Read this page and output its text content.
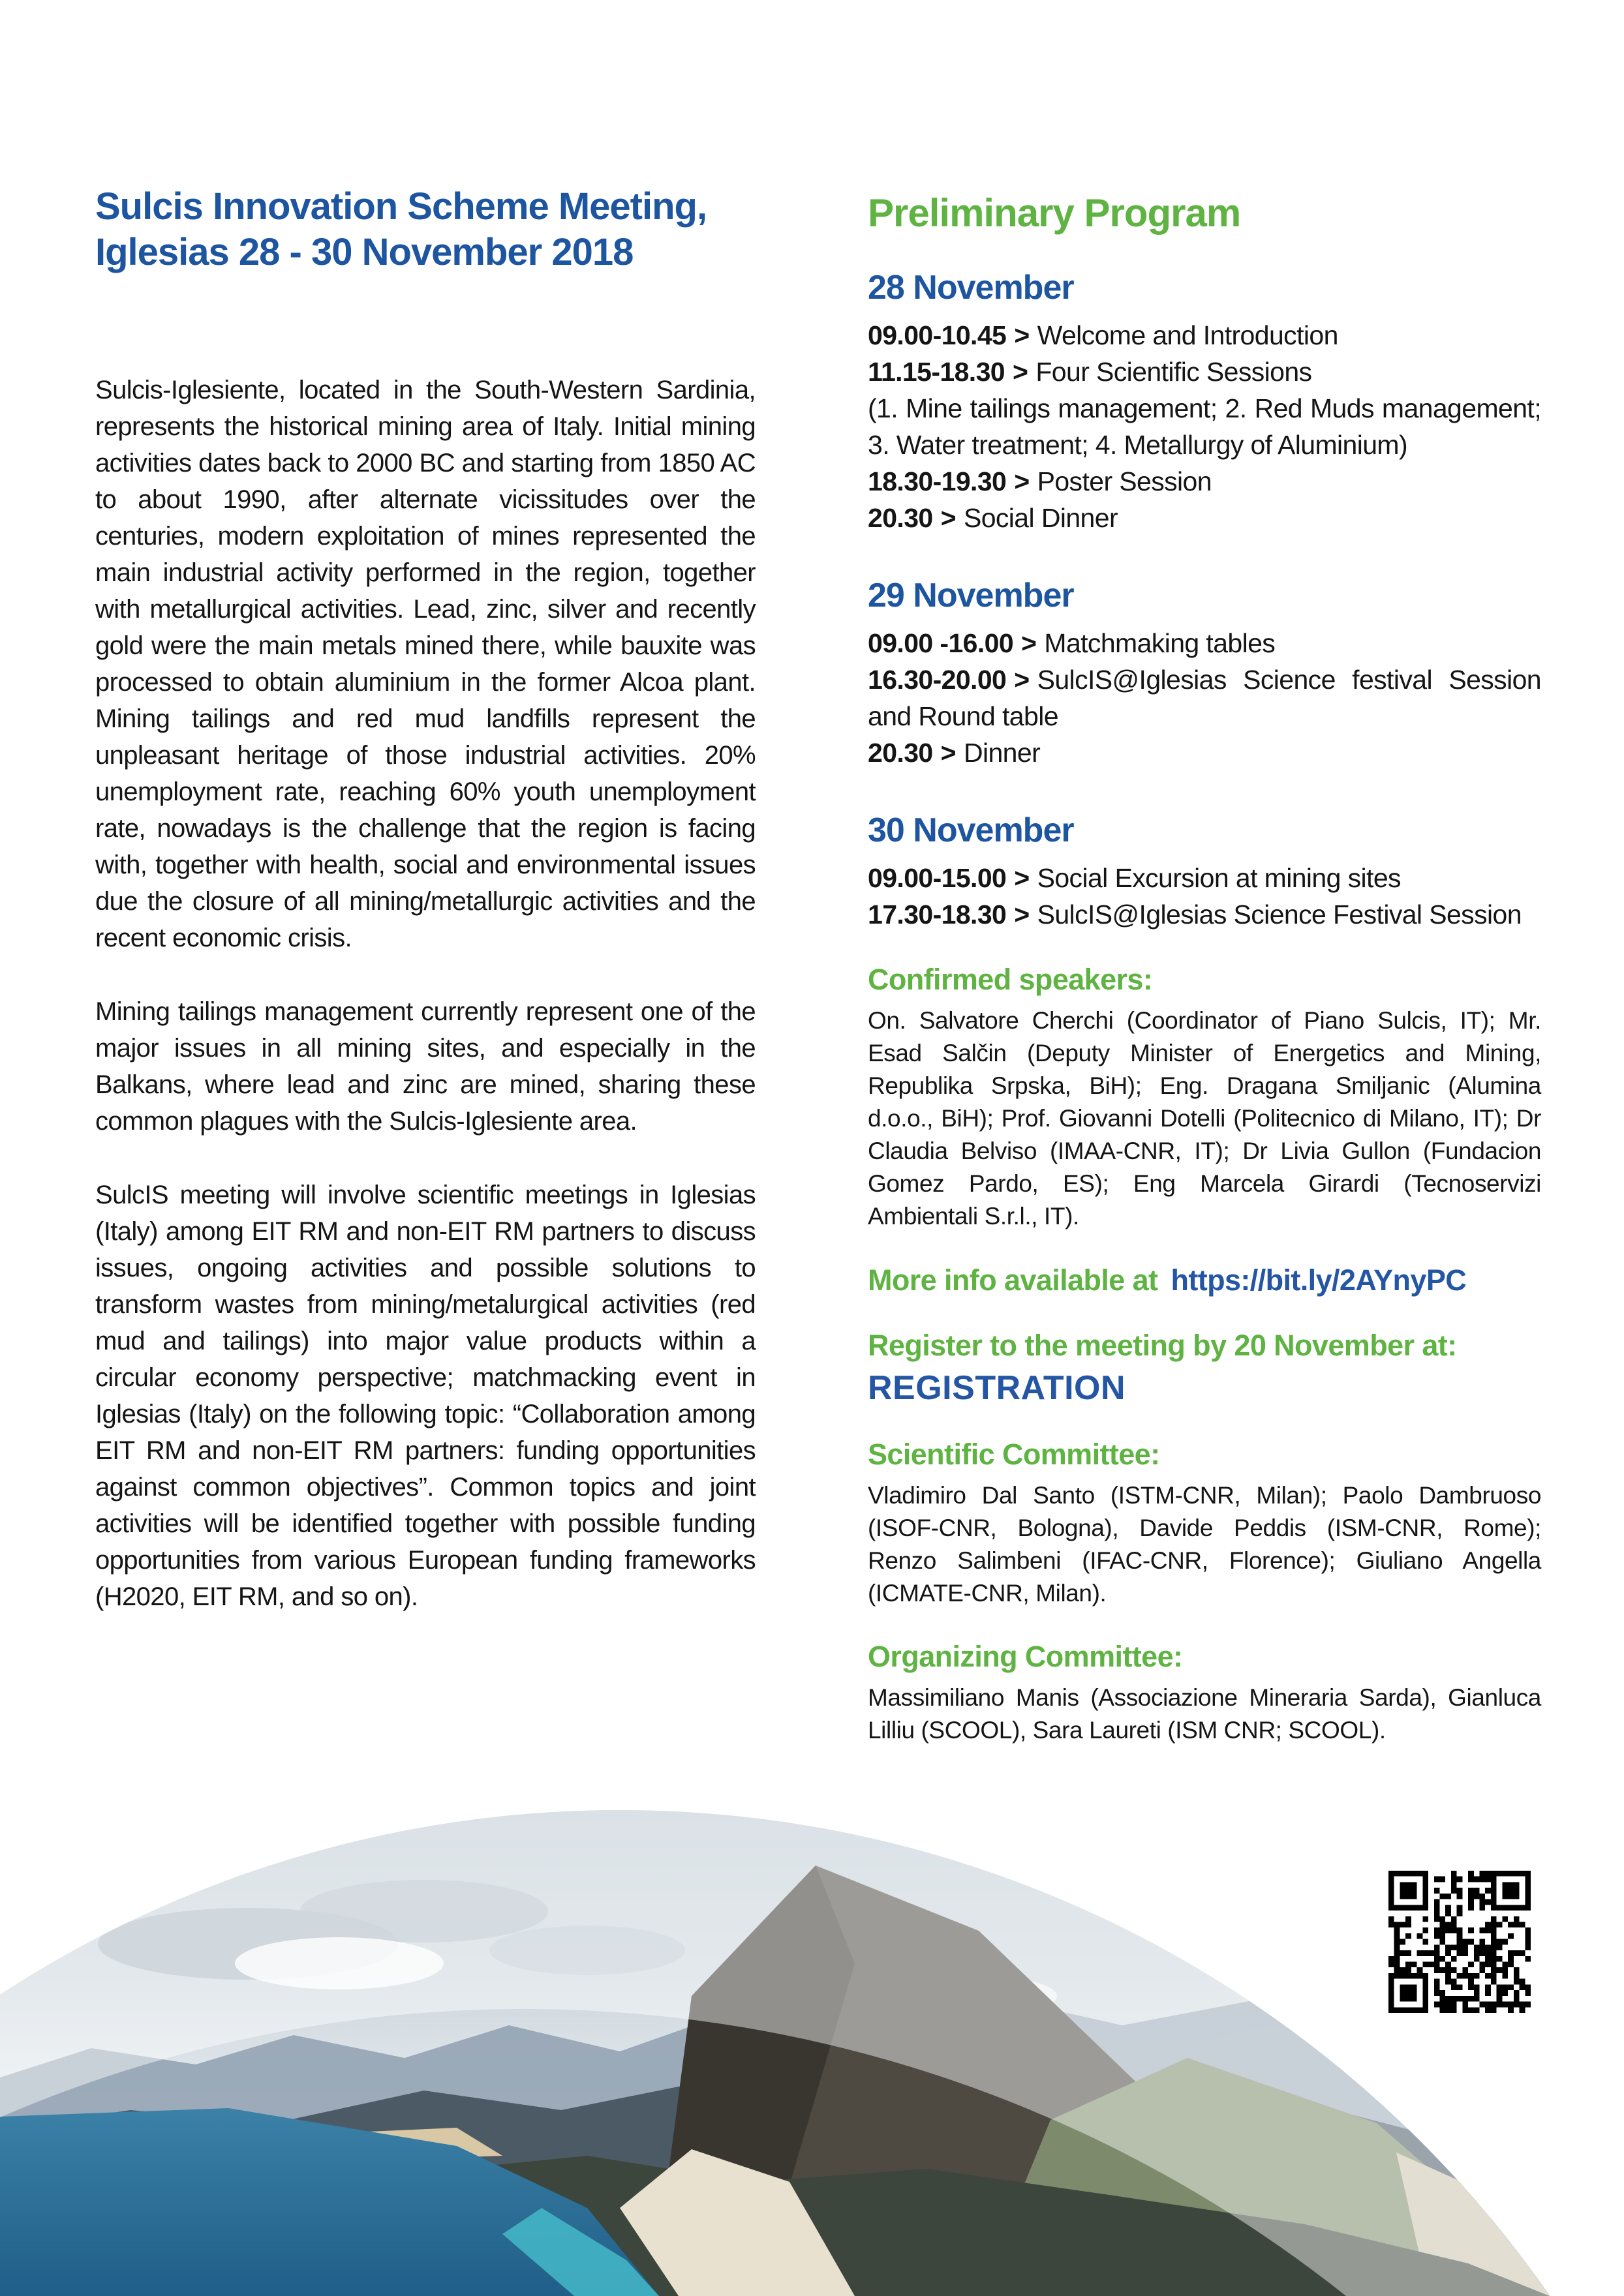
Sulcis Innovation Scheme Meeting, Iglesias 28 - 30 November 2018

Sulcis-Iglesiente, located in the South-Western Sardinia, represents the historical mining area of Italy. Initial mining activities dates back to 2000 BC and starting from 1850 AC to about 1990, after alternate vicissitudes over the centuries, modern exploitation of mines represented the main industrial activity performed in the region, together with metallurgical activities. Lead, zinc, silver and recently gold were the main metals mined there, while bauxite was processed to obtain aluminium in the former Alcoa plant. Mining tailings and red mud landfills represent the unpleasant heritage of those industrial activities. 20% unemployment rate, reaching 60% youth unemployment rate, nowadays is the challenge that the region is facing with, together with health, social and environmental issues due the closure of all mining/metallurgic activities and the recent economic crisis.

Mining tailings management currently represent one of the major issues in all mining sites, and especially in the Balkans, where lead and zinc are mined, sharing these common plagues with the Sulcis-Iglesiente area.

SulcIS meeting will involve scientific meetings in Iglesias (Italy) among EIT RM and non-EIT RM partners to discuss issues, ongoing activities and possible solutions to transform wastes from mining/metalurgical activities (red mud and tailings) into major value products within a circular economy perspective; matchmacking event in Iglesias (Italy) on the following topic: “Collaboration among EIT RM and non-EIT RM partners: funding opportunities against common objectives”. Common topics and joint activities will be identified together with possible funding opportunities from various European funding frameworks (H2020, EIT RM, and so on).

Preliminary Program
28 November
09.00-10.45 > Welcome and Introduction
11.15-18.30 > Four Scientific Sessions
(1. Mine tailings management; 2. Red Muds management; 3. Water treatment; 4. Metallurgy of Aluminium)
18.30-19.30 > Poster Session
20.30 > Social Dinner
29 November
09.00 -16.00 > Matchmaking tables
16.30-20.00 > SulcIS@Iglesias Science festival Session and Round table
20.30 > Dinner
30 November
09.00-15.00 > Social Excursion at mining sites
17.30-18.30 > SulcIS@Iglesias Science Festival Session
Confirmed speakers:

On. Salvatore Cherchi (Coordinator of Piano Sulcis, IT); Mr. Esad Salčin (Deputy Minister of Energetics and Mining, Republika Srpska, BiH); Eng. Dragana Smiljanic (Alumina d.o.o., BiH); Prof. Giovanni Dotelli (Politecnico di Milano, IT); Dr Claudia Belviso (IMAA-CNR, IT); Dr Livia Gullon (Fundacion Gomez Pardo, ES); Eng Marcela Girardi (Tecnoservizi Ambientali S.r.l., IT).

More info available at https://bit.ly/2AYnyPC
Register to the meeting by 20 November at:
REGISTRATION
Scientific Committee:

Vladimiro Dal Santo (ISTM-CNR, Milan); Paolo Dambruoso (ISOF-CNR, Bologna), Davide Peddis (ISM-CNR, Rome); Renzo Salimbeni (IFAC-CNR, Florence); Giuliano Angella (ICMATE-CNR, Milan).

Organizing Committee:

Massimiliano Manis (Associazione Mineraria Sarda), Gianluca Lilliu (SCOOL), Sara Laureti (ISM CNR; SCOOL).
